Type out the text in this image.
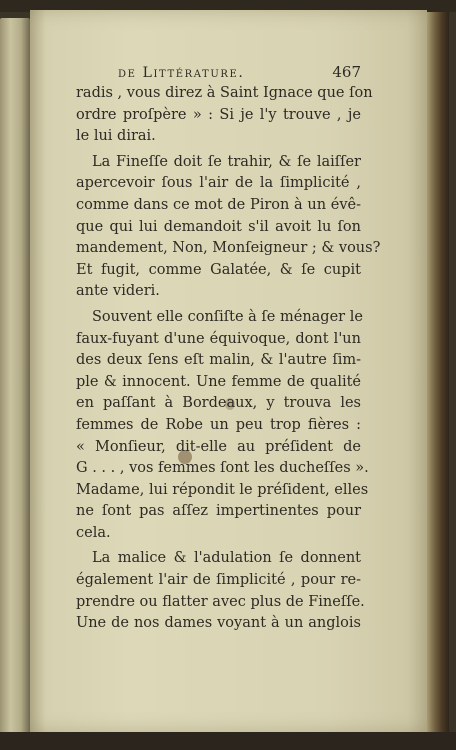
de Littérature.	467
radis , vous direz à Saint Ignace que ſon
ordre proſpère » : Si je l'y trouve , je
le lui dirai.
La Fineſſe doit ſe trahir, & ſe laiſſer
apercevoir ſous l'air de la ſimplicité ,
comme dans ce mot de Piron à un évê-
que qui lui demandoit s'il avoit lu ſon
mandement, Non, Monſeigneur ; & vous?
Et fugit, comme Galatée, & ſe cupit
ante videri.
Souvent elle conſiſte à ſe ménager le
faux-fuyant d'une équivoque, dont l'un
des deux ſens eſt malin, & l'autre ſim-
ple & innocent. Une femme de qualité
en paſſant à Bordeaux, y trouva les
femmes de Robe un peu trop fières :
« Monſieur, dit-elle au préſident de
G . . . , vos femmes ſont les ducheſſes ».
Madame, lui répondit le préſident, elles
ne ſont pas aſſez impertinentes pour
cela.
La malice & l'adulation ſe donnent
également l'air de ſimplicité , pour re-
prendre ou flatter avec plus de Fineſſe.
Une de nos dames voyant à un anglois
